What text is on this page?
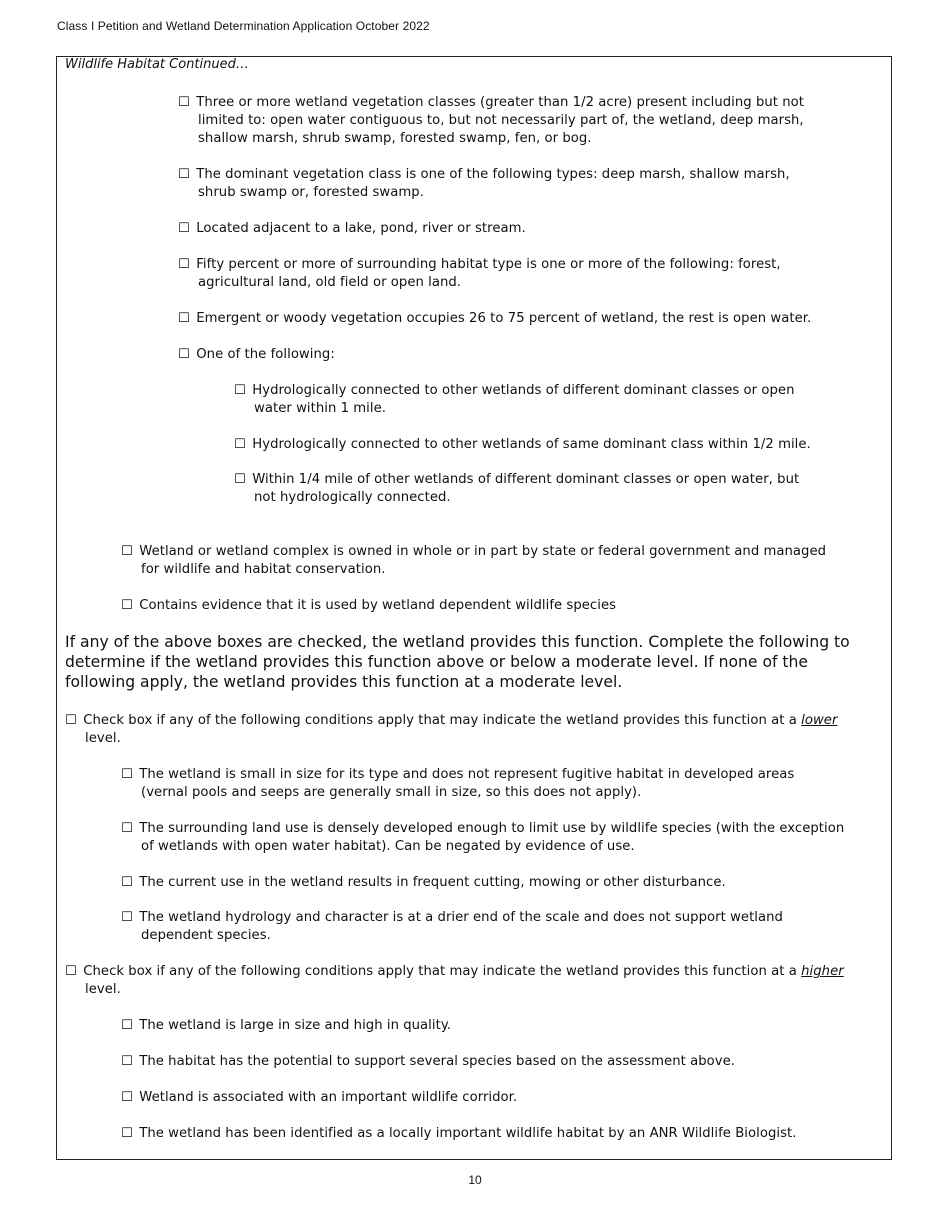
Class I Petition and Wetland Determination Application October 2022
Wildlife Habitat Continued…
☐ Three or more wetland vegetation classes (greater than 1/2 acre) present including but not
limited to: open water contiguous to, but not necessarily part of, the wetland, deep marsh,
shallow marsh, shrub swamp, forested swamp, fen, or bog.
☐ The dominant vegetation class is one of the following types: deep marsh, shallow marsh,
shrub swamp or, forested swamp.
☐ Located adjacent to a lake, pond, river or stream.
☐ Fifty percent or more of surrounding habitat type is one or more of the following: forest,
agricultural land, old field or open land.
☐ Emergent or woody vegetation occupies 26 to 75 percent of wetland, the rest is open water.
☐ One of the following:
☐ Hydrologically connected to other wetlands of different dominant classes or open
water within 1 mile.
☐ Hydrologically connected to other wetlands of same dominant class within 1/2 mile.
☐ Within 1/4 mile of other wetlands of different dominant classes or open water, but
not hydrologically connected.
☐ Wetland or wetland complex is owned in whole or in part by state or federal government and managed
for wildlife and habitat conservation.
☐ Contains evidence that it is used by wetland dependent wildlife species
If any of the above boxes are checked, the wetland provides this function. Complete the following to determine if the wetland provides this function above or below a moderate level. If none of the following apply, the wetland provides this function at a moderate level.
☐ Check box if any of the following conditions apply that may indicate the wetland provides this function at a lower
level.
☐ The wetland is small in size for its type and does not represent fugitive habitat in developed areas
(vernal pools and seeps are generally small in size, so this does not apply).
☐ The surrounding land use is densely developed enough to limit use by wildlife species (with the exception
of wetlands with open water habitat). Can be negated by evidence of use.
☐ The current use in the wetland results in frequent cutting, mowing or other disturbance.
☐ The wetland hydrology and character is at a drier end of the scale and does not support wetland
dependent species.
☐ Check box if any of the following conditions apply that may indicate the wetland provides this function at a higher
level.
☐ The wetland is large in size and high in quality.
☐ The habitat has the potential to support several species based on the assessment above.
☐ Wetland is associated with an important wildlife corridor.
☐ The wetland has been identified as a locally important wildlife habitat by an ANR Wildlife Biologist.
10
